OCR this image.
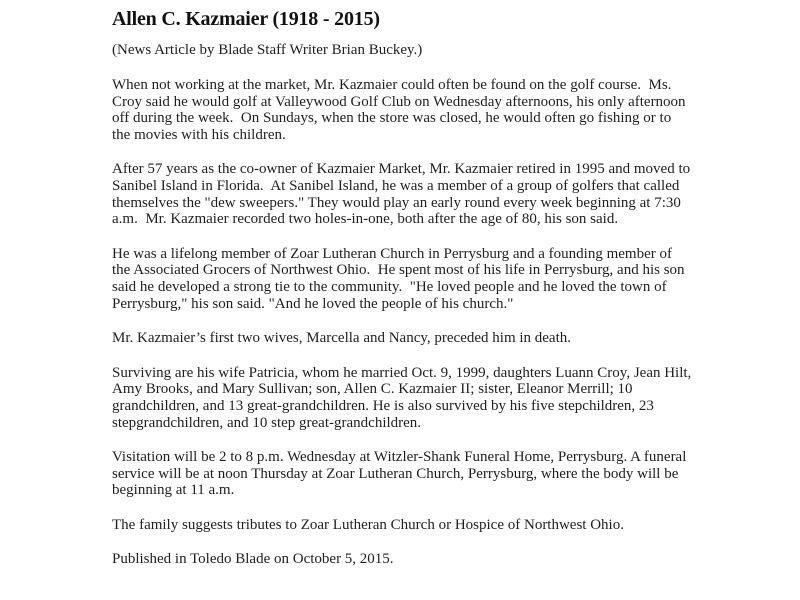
Allen C. Kazmaier (1918 - 2015)

(News Article by Blade Staff Writer Brian Buckey.)

When not working at the market, Mr. Kazmaier could often be found on the golf course.  Ms. Croy said he would golf at Valleywood Golf Club on Wednesday afternoons, his only afternoon off during the week.  On Sundays, when the store was closed, he would often go fishing or to the movies with his children.

After 57 years as the co-owner of Kazmaier Market, Mr. Kazmaier retired in 1995 and moved to Sanibel Island in Florida.  At Sanibel Island, he was a member of a group of golfers that called themselves the "dew sweepers." They would play an early round every week beginning at 7:30 a.m.  Mr. Kazmaier recorded two holes-in-one, both after the age of 80, his son said.

He was a lifelong member of Zoar Lutheran Church in Perrysburg and a founding member of the Associated Grocers of Northwest Ohio.  He spent most of his life in Perrysburg, and his son said he developed a strong tie to the community.  "He loved people and he loved the town of Perrysburg," his son said. "And he loved the people of his church."

Mr. Kazmaier’s first two wives, Marcella and Nancy, preceded him in death.

Surviving are his wife Patricia, whom he married Oct. 9, 1999, daughters Luann Croy, Jean Hilt, Amy Brooks, and Mary Sullivan; son, Allen C. Kazmaier II; sister, Eleanor Merrill; 10 grandchildren, and 13 great-grandchildren. He is also survived by his five stepchildren, 23 stepgrandchildren, and 10 step great-grandchildren.

Visitation will be 2 to 8 p.m. Wednesday at Witzler-Shank Funeral Home, Perrysburg. A funeral service will be at noon Thursday at Zoar Lutheran Church, Perrysburg, where the body will be beginning at 11 a.m.

The family suggests tributes to Zoar Lutheran Church or Hospice of Northwest Ohio.

Published in Toledo Blade on October 5, 2015.
